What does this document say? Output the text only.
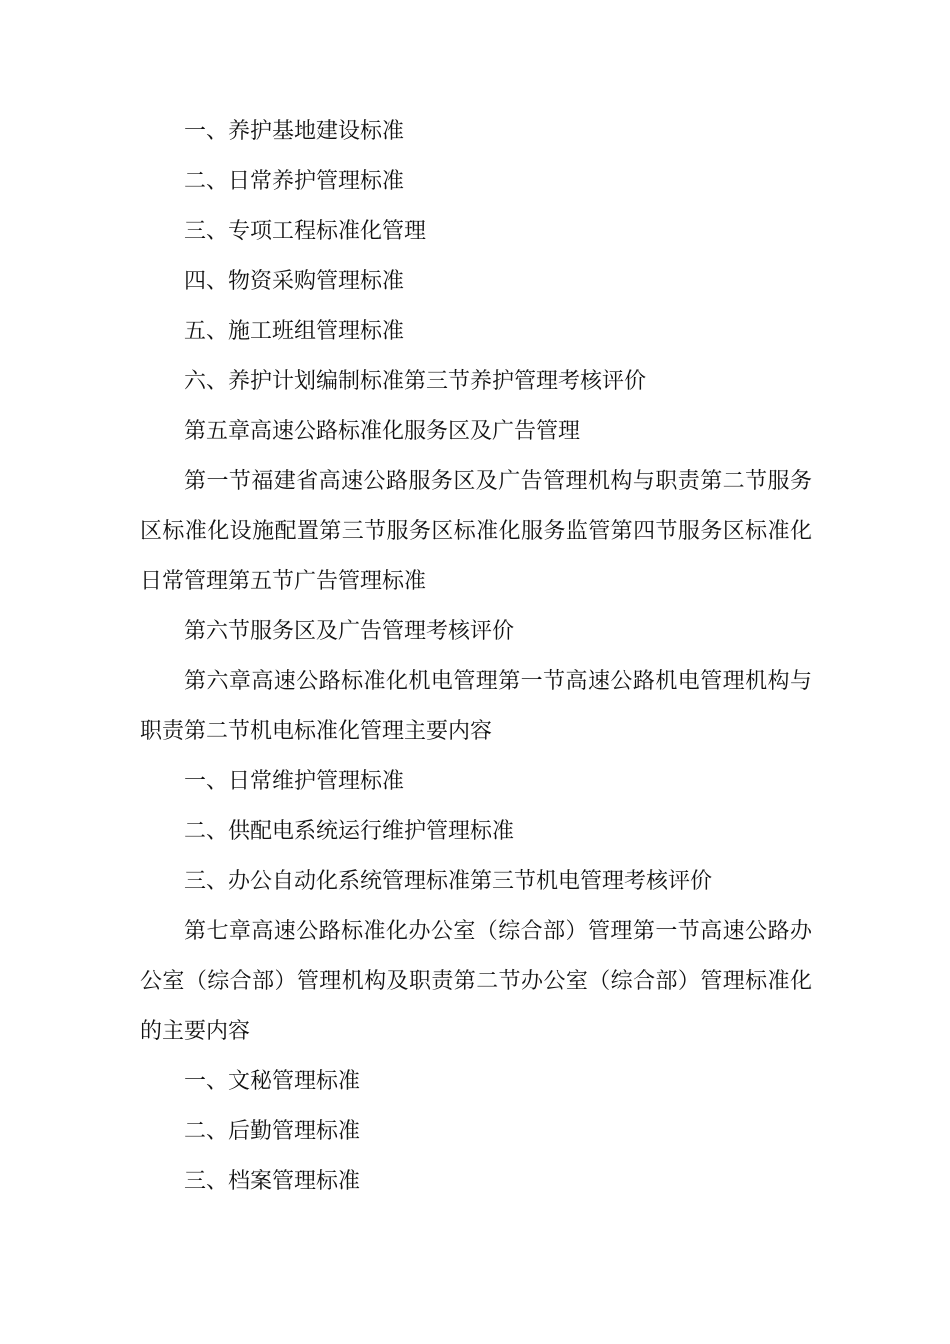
一、养护基地建设标准

二、日常养护管理标准

三、专项工程标准化管理

四、物资采购管理标准

五、施工班组管理标准

六、养护计划编制标准第三节养护管理考核评价

第五章高速公路标准化服务区及广告管理

第一节福建省高速公路服务区及广告管理机构与职责第二节服务区标准化设施配置第三节服务区标准化服务监管第四节服务区标准化日常管理第五节广告管理标准

第六节服务区及广告管理考核评价

第六章高速公路标准化机电管理第一节高速公路机电管理机构与职责第二节机电标准化管理主要内容

一、日常维护管理标准

二、供配电系统运行维护管理标准

三、办公自动化系统管理标准第三节机电管理考核评价

第七章高速公路标准化办公室（综合部）管理第一节高速公路办公室（综合部）管理机构及职责第二节办公室（综合部）管理标准化的主要内容

一、文秘管理标准

二、后勤管理标准

三、档案管理标准
